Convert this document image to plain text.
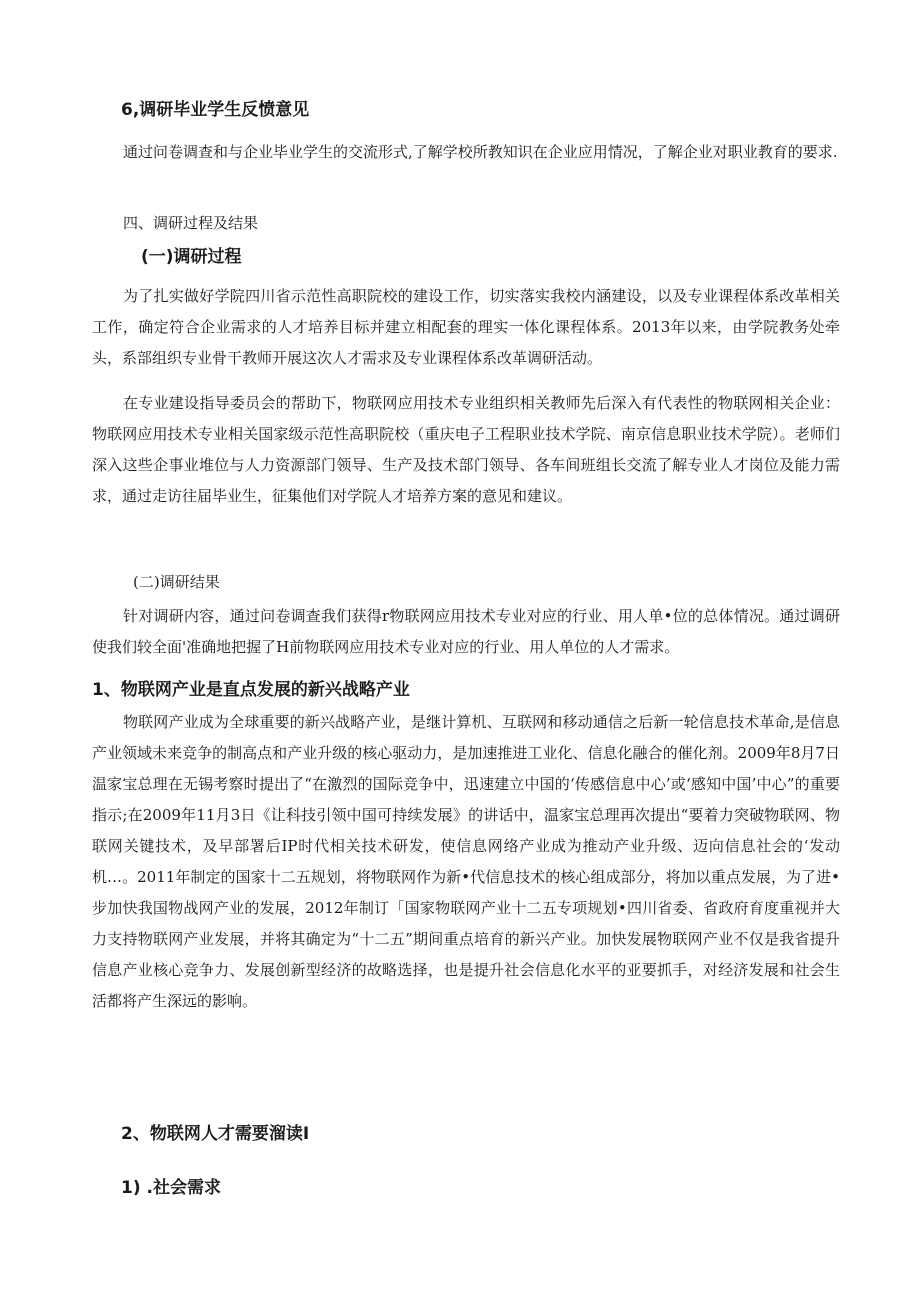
6,调研毕业学生反愤意见

通过问卷调查和与企业毕业学生的交流形式,了解学校所教知识在企业应用情况，了解企业对职业教育的要求.

四、调研过程及结果
(一)调研过程

为了扎实做好学院四川省示范性高职院校的建设工作，切实落实我校内涵建设，以及专业课程体系改革相关工作，确定符合企业需求的人才培养目标并建立相配套的理实一体化课程体系。2013年以来，由学院教务处牵头，系部组织专业骨干教师开展这次人才需求及专业课程体系改革调研活动。

在专业建设指导委员会的帮助下，物联网应用技术专业组织相关教师先后深入有代表性的物联网相关企业：物联网应用技术专业相关国家级示范性高职院校（重庆电子工程职业技术学院、南京信息职业技术学院）。老师们深入这些企事业堆位与人力资源部门领导、生产及技术部门领导、各车间班组长交流了解专业人才岗位及能力需求，通过走访往届毕业生，征集他们对学院人才培养方案的意见和建议。

(二)调研结果

针对调研内容，通过问卷调查我们获得r物联网应用技术专业对应的行业、用人单•位的总体情况。通过调研使我们较全面'准确地把握了H前物联网应用技术专业对应的行业、用人单位的人才需求。

1、物联网产业是直点发展的新兴战略产业

物联网产业成为全球重要的新兴战略产业，是继计算机、互联网和移动通信之后新一轮信息技术革命,是信息产业领域未来竞争的制高点和产业升级的核心驱动力，是加速推进工业化、信息化融合的催化剂。2009年8月7日温家宝总理在无锡考察时提出了“在激烈的国际竞争中，迅速建立中国的‘传感信息中心’或‘感知中国’中心”的重要指示;在2009年11月3日《让科技引领中国可持续发展》的讲话中，温家宝总理再次提出“要着力突破物联网、物联网关键技术，及早部署后IP时代相关技术研发，使信息网络产业成为推动产业升级、迈向信息社会的‘发动机…。2011年制定的国家十二五规划，将物联网作为新•代信息技术的核心组成部分，将加以重点发展，为了进•步加快我国物战网产业的发展，2012年制订「国家物联网产业十二五专项规划•四川省委、省政府育度重视并大力支持物联网产业发展，并将其确定为“十二五”期间重点培育的新兴产业。加快发展物联网产业不仅是我省提升信息产业核心竞争力、发展创新型经济的故略选择，也是提升社会信息化水平的亚要抓手，对经济发展和社会生活都将产生深远的影响。

2、物联网人才需要溜读I
1) .社会需求
